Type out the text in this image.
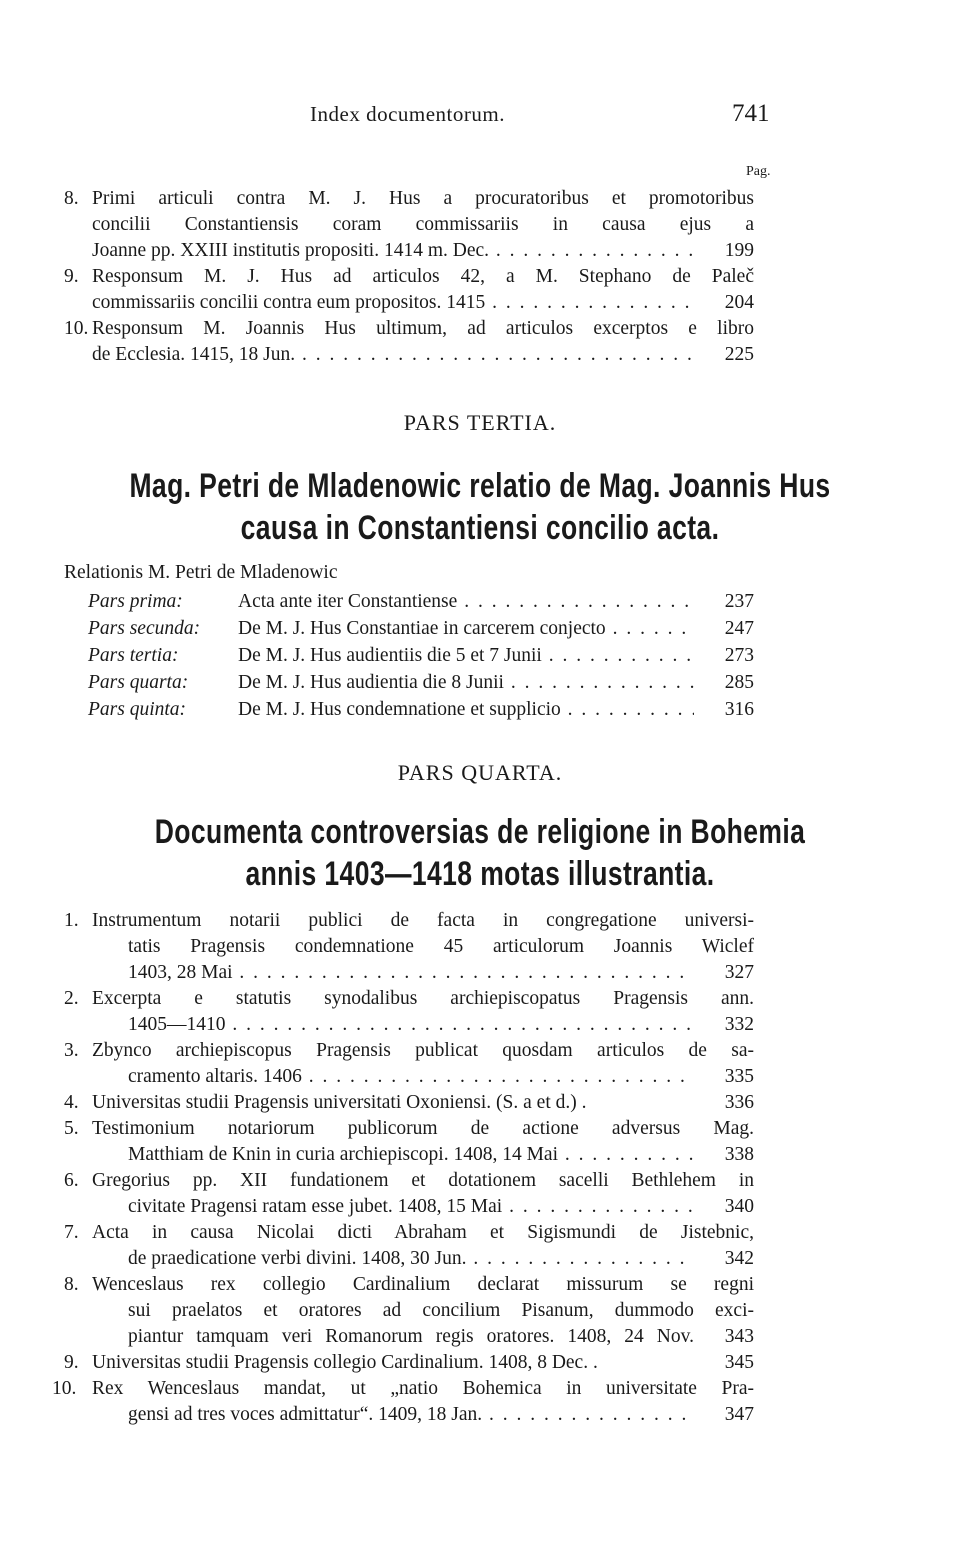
Index documentorum.	741
Pag.
8. Primi articuli contra M. J. Hus a procuratoribus et promotoribus
concilii Constantiensis coram commissariis in causa ejus a
Joanne pp. XXIII institutis propositi. 1414 m. Dec. . . .	199
9. Responsum M. J. Hus ad articulos 42, a M. Stephano de Paleč
commissariis concilii contra eum propositos. 1415 . . .	204
10. Responsum M. Joannis Hus ultimum, ad articulos excerptos e libro
de Ecclesia. 1415, 18 Jun. . . .	225
PARS TERTIA.
Mag. Petri de Mladenowic relatio de Mag. Joannis Hus
causa in Constantiensi concilio acta.
Relationis M. Petri de Mladenowic
Pars prima:	Acta ante iter Constantiense . . .	237
Pars secunda: De M. J. Hus Constantiae in carcerem conjecto . . .	247
Pars tertia:	De M. J. Hus audientiis die 5 et 7 Junii . . .	273
Pars quarta:	De M. J. Hus audientia die 8 Junii . . .	285
Pars quinta:	De M. J. Hus condemnatione et supplicio . . .	316
PARS QUARTA.
Documenta controversias de religione in Bohemia
annis 1403—1418 motas illustrantia.
1. Instrumentum notarii publici de facta in congregatione universi-
tatis Pragensis condemnatione 45 articulorum Joannis Wiclef
1403, 28 Mai . . .	327
2. Excerpta e statutis synodalibus archiepiscopatus Pragensis ann.
1405—1410 . . .	332
3. Zbynco archiepiscopus Pragensis publicat quosdam articulos de sa-
cramento altaris. 1406 . . .	335
4. Universitas studii Pragensis universitati Oxoniensi. (S. a et d.) .	336
5. Testimonium notariorum publicorum de actione adversus Mag.
Matthiam de Knin in curia archiepiscopi. 1408, 14 Mai . . .	338
6. Gregorius pp. XII fundationem et dotationem sacelli Bethlehem in
civitate Pragensi ratam esse jubet. 1408, 15 Mai . . .	340
7. Acta in causa Nicolai dicti Abraham et Sigismundi de Jistebnic,
de praedicatione verbi divini. 1408, 30 Jun. . . .	342
8. Wenceslaus rex collegio Cardinalium declarat missurum se regni
sui praelatos et oratores ad concilium Pisanum, dummodo exci-
piantur tamquam veri Romanorum regis oratores. 1408, 24 Nov. 343
9. Universitas studii Pragensis collegio Cardinalium. 1408, 8 Dec. .	345
10. Rex Wenceslaus mandat, ut „natio Bohemica in universitate Pra-
gensi ad tres voces admittatur“. 1409, 18 Jan. . . .	347
